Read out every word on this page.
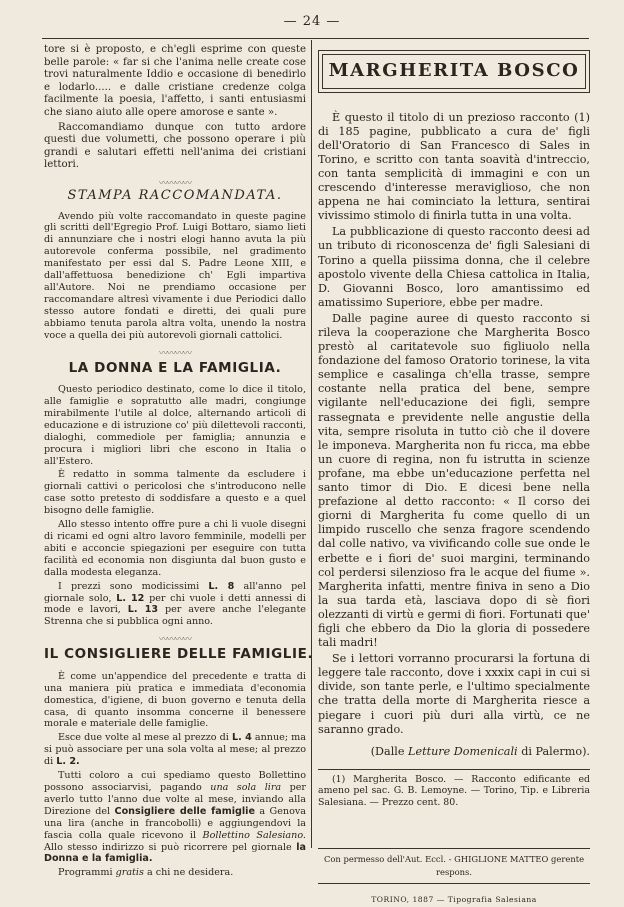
— 24 —

tore si è proposto, e ch'egli esprime con queste belle parole: « far si che l'anima nelle create cose trovi naturalmente Iddio e occasione di benedirlo e lodarlo..... e dalle cristiane credenze colga facilmente la poesia, l'affetto, i santi entusiasmi che siano aiuto alle opere amorose e sante ».

Raccomandiamo dunque con tutto ardore questi due volumetti, che possono operare i più grandi e salutari effetti nell'anima dei cristiani lettori.

〰〰〰〰
STAMPA RACCOMANDATA.

Avendo più volte raccomandato in queste pagine gli scritti dell'Egregio Prof. Luigi Bottaro, siamo lieti di annunziare che i nostri elogi hanno avuta la più autorevole conferma possibile, nel gradimento manifestato per essi dal S. Padre Leone XIII, e dall'affettuosa benedizione ch' Egli impartiva all'Autore. Noi ne prendiamo occasione per raccomandare altresì vivamente i due Periodici dallo stesso autore fondati e diretti, dei quali pure abbiamo tenuta parola altra volta, unendo la nostra voce a quella dei più autorevoli giornali cattolici.

〰〰〰〰
LA DONNA E LA FAMIGLIA.

Questo periodico destinato, come lo dice il titolo, alle famiglie e sopratutto alle madri, congiunge mirabilmente l'utile al dolce, alternando articoli di educazione e di istruzione co' più dilettevoli racconti, dialoghi, commediole per famiglia; annunzia e procura i migliori libri che escono in Italia o all'Estero.

È redatto in somma talmente da escludere i giornali cattivi o pericolosi che s'introducono nelle case sotto pretesto di soddisfare a questo e a quel bisogno delle famiglie.

Allo stesso intento offre pure a chi li vuole disegni di ricami ed ogni altro lavoro femminile, modelli per abiti e acconcie spiegazioni per eseguire con tutta facilità ed economia non disgiunta dal buon gusto e dalla modesta eleganza.

I prezzi sono modicissimi L. 8 all'anno pel giornale solo, L. 12 per chi vuole i detti annessi di mode e lavori, L. 13 per avere anche l'elegante Strenna che si pubblica ogni anno.

〰〰〰〰
IL CONSIGLIERE DELLE FAMIGLIE.

È come un'appendice del precedente e tratta di una maniera più pratica e immediata d'economia domestica, d'igiene, di buon governo e tenuta della casa, di quanto insomma concerne il benessere morale e materiale delle famiglie.

Esce due volte al mese al prezzo di L. 4 annue; ma si può associare per una sola volta al mese; al prezzo di L. 2.

Tutti coloro a cui spediamo questo Bollettino possono associarvisi, pagando una sola lira per averlo tutto l'anno due volte al mese, inviando alla Direzione del Consigliere delle famiglie a Genova una lira (anche in francobolli) e aggiungendovi la fascia colla quale ricevono il Bollettino Salesiano. Allo stesso indirizzo si può ricorrere pel giornale la Donna e la famiglia.

Programmi gratis a chi ne desidera.

MARGHERITA BOSCO

È questo il titolo di un prezioso racconto (1) di 185 pagine, pubblicato a cura de' figli dell'Oratorio di San Francesco di Sales in Torino, e scritto con tanta soavità d'intreccio, con tanta semplicità di immagini e con un crescendo d'interesse meraviglioso, che non appena ne hai cominciato la lettura, sentirai vivissimo stimolo di finirla tutta in una volta.

La pubblicazione di questo racconto deesi ad un tributo di riconoscenza de' figli Salesiani di Torino a quella piissima donna, che il celebre apostolo vivente della Chiesa cattolica in Italia, D. Giovanni Bosco, loro amantissimo ed amatissimo Superiore, ebbe per madre.

Dalle pagine auree di questo racconto si rileva la cooperazione che Margherita Bosco prestò al caritatevole suo figliuolo nella fondazione del famoso Oratorio torinese, la vita semplice e casalinga ch'ella trasse, sempre costante nella pratica del bene, sempre vigilante nell'educazione dei figli, sempre rassegnata e previdente nelle angustie della vita, sempre risoluta in tutto ciò che il dovere le imponeva. Margherita non fu ricca, ma ebbe un cuore di regina, non fu istrutta in scienze profane, ma ebbe un'educazione perfetta nel santo timor di Dio. E dicesi bene nella prefazione al detto racconto: « Il corso dei giorni di Margherita fu come quello di un limpido ruscello che senza fragore scendendo dal colle nativo, va vivificando colle sue onde le erbette e i fiori de' suoi margini, terminando col perdersi silenzioso fra le acque del fiume ». Margherita infatti, mentre finiva in seno a Dio la sua tarda età, lasciava dopo di sè fiori olezzanti di virtù e germi di fiori. Fortunati que' figli che ebbero da Dio la gloria di possedere tali madri!

Se i lettori vorranno procurarsi la fortuna di leggere tale racconto, dove i xxxix capi in cui si divide, son tante perle, e l'ultimo specialmente che tratta della morte di Margherita riesce a piegare i cuori più duri alla virtù, ce ne saranno grado.

(Dalle Letture Domenicali di Palermo).

(1) Margherita Bosco. — Racconto edificante ed ameno pel sac. G. B. Lemoyne. — Torino, Tip. e Libreria Salesiana. — Prezzo cent. 80.

Con permesso dell'Aut. Eccl. - GHIGLIONE MATTEO gerente respons.
TORINO, 1887 — Tipografia Salesiana
